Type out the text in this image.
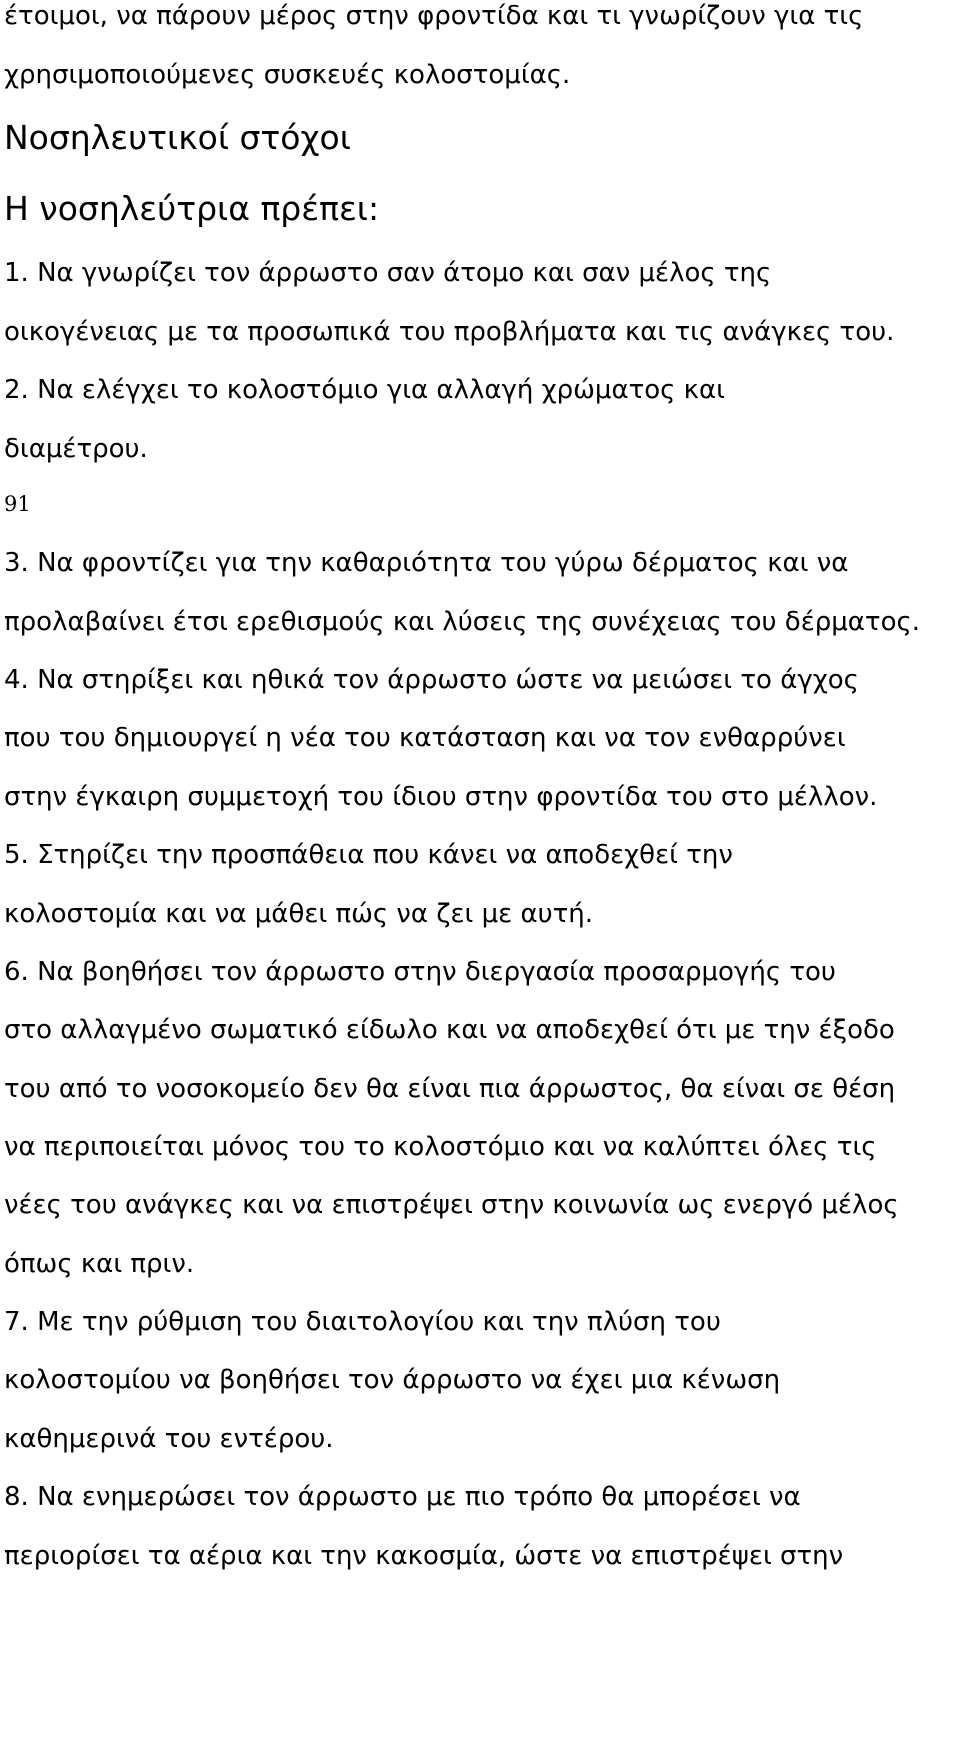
έτοιμοι, να πάρουν μέρος στην φροντίδα και τι γνωρίζουν για τις
χρησιμοποιούμενες συσκευές κολοστομίας.
Νοσηλευτικοί στόχοι
Η νοσηλεύτρια πρέπει:
1. Να γνωρίζει τον άρρωστο σαν άτομο και σαν μέλος της
οικογένειας με τα προσωπικά του προβλήματα και τις ανάγκες του.
2. Να ελέγχει το κολοστόμιο για αλλαγή χρώματος και
διαμέτρου.
91
3. Να φροντίζει για την καθαριότητα του γύρω δέρματος και να
προλαβαίνει έτσι ερεθισμούς και λύσεις της συνέχειας του δέρματος.
4. Να στηρίξει και ηθικά τον άρρωστο ώστε να μειώσει το άγχος
που του δημιουργεί η νέα του κατάσταση και να τον ενθαρρύνει
στην έγκαιρη συμμετοχή του ίδιου στην φροντίδα του στο μέλλον.
5. Στηρίζει την προσπάθεια που κάνει να αποδεχθεί την
κολοστομία και να μάθει πώς να ζει με αυτή.
6. Να βοηθήσει τον άρρωστο στην διεργασία προσαρμογής του
στο αλλαγμένο σωματικό είδωλο και να αποδεχθεί ότι με την έξοδο
του από το νοσοκομείο δεν θα είναι πια άρρωστος, θα είναι σε θέση
να περιποιείται μόνος του το κολοστόμιο και να καλύπτει όλες τις
νέες του ανάγκες και να επιστρέψει στην κοινωνία ως ενεργό μέλος
όπως και πριν.
7. Με την ρύθμιση του διαιτολογίου και την πλύση του
κολοστομίου να βοηθήσει τον άρρωστο να έχει μια κένωση
καθημερινά του εντέρου.
8. Να ενημερώσει τον άρρωστο με πιο τρόπο θα μπορέσει να
περιορίσει τα αέρια και την κακοσμία, ώστε να επιστρέψει στην
